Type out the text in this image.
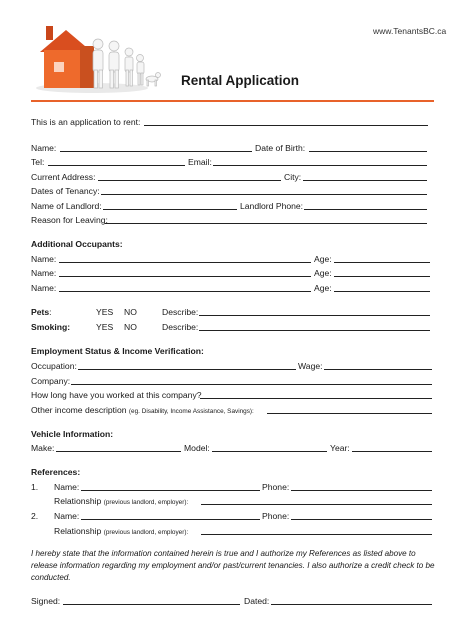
www.TenantsBC.ca
Rental Application
This is an application to rent:
Name:	Date of Birth:
Tel:	Email:
Current Address:	City:
Dates of Tenancy:
Name of Landlord:	Landlord Phone:
Reason for Leaving:
Additional Occupants:
Name:	Age:
Name:	Age:
Name:	Age:
Pets:	YES NO	Describe:
Smoking:	YES NO	Describe:
Employment Status & Income Verification:
Occupation:	Wage:
Company:
How long have you worked at this company?
Other income description (eg. Disability, Income Assistance, Savings):
Vehicle Information:
Make:	Model:	Year:
References:
1. Name:	Phone:
Relationship (previous landlord, employer):
2. Name:	Phone:
Relationship (previous landlord, employer):
I hereby state that the information contained herein is true and I authorize my References as listed above to release information regarding my employment and/or past/current tenancies. I also authorize a credit check to be conducted.
Signed:	Dated:
